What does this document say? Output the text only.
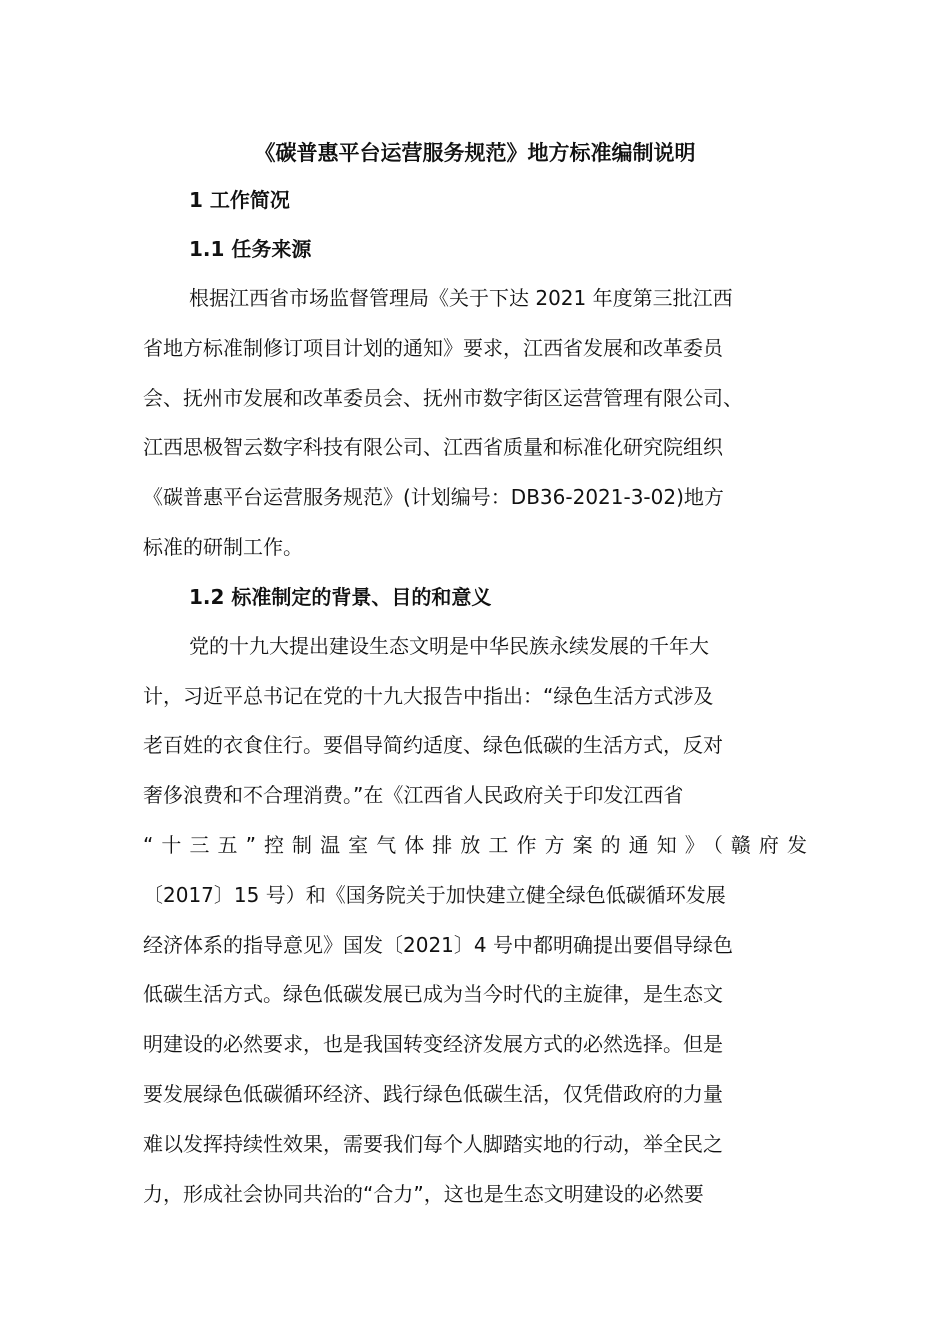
《碳普惠平台运营服务规范》地方标准编制说明
1 工作简况
1.1 任务来源
根据江西省市场监督管理局《关于下达 2021 年度第三批江西
省地方标准制修订项目计划的通知》要求，江西省发展和改革委员
会、抚州市发展和改革委员会、抚州市数字街区运营管理有限公司、
江西思极智云数字科技有限公司、江西省质量和标准化研究院组织
《碳普惠平台运营服务规范》(计划编号：DB36-2021-3-02)地方
标准的研制工作。
1.2 标准制定的背景、目的和意义
党的十九大提出建设生态文明是中华民族永续发展的千年大
计，习近平总书记在党的十九大报告中指出：“绿色生活方式涉及
老百姓的衣食住行。要倡导简约适度、绿色低碳的生活方式，反对
奢侈浪费和不合理消费。”在《江西省人民政府关于印发江西省
“十三五”控制温室气体排放工作方案的通知》（赣府发
〔2017〕15 号）和《国务院关于加快建立健全绿色低碳循环发展
经济体系的指导意见》国发〔2021〕4 号中都明确提出要倡导绿色
低碳生活方式。绿色低碳发展已成为当今时代的主旋律，是生态文
明建设的必然要求，也是我国转变经济发展方式的必然选择。但是
要发展绿色低碳循环经济、践行绿色低碳生活，仅凭借政府的力量
难以发挥持续性效果，需要我们每个人脚踏实地的行动，举全民之
力，形成社会协同共治的“合力”，这也是生态文明建设的必然要
